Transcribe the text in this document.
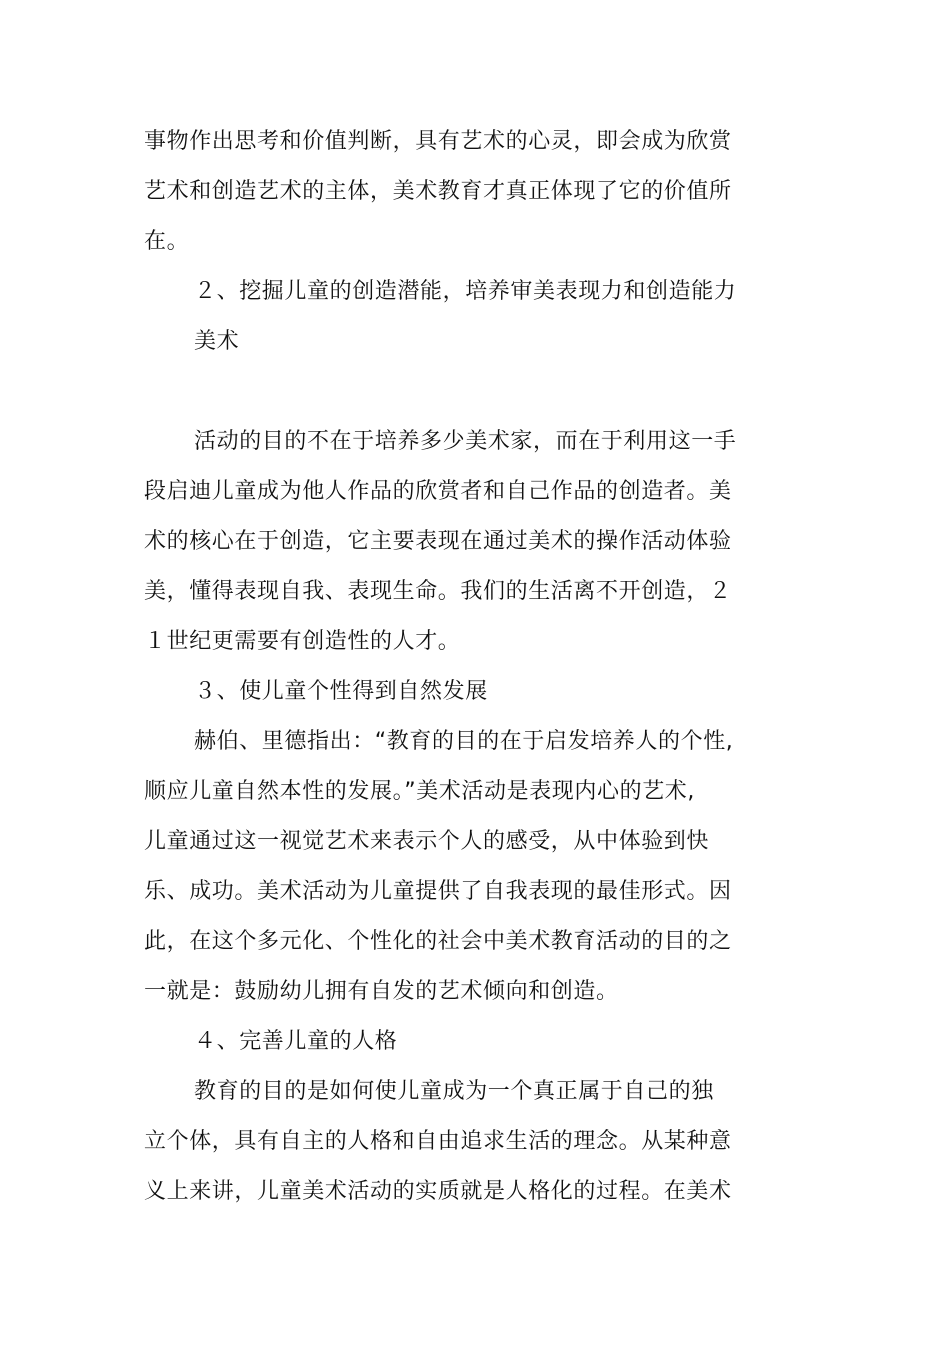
事物作出思考和价值判断，具有艺术的心灵，即会成为欣赏
艺术和创造艺术的主体，美术教育才真正体现了它的价值所
在。
２、挖掘儿童的创造潜能，培养审美表现力和创造能力
美术
活动的目的不在于培养多少美术家，而在于利用这一手
段启迪儿童成为他人作品的欣赏者和自己作品的创造者。美
术的核心在于创造，它主要表现在通过美术的操作活动体验
美，懂得表现自我、表现生命。我们的生活离不开创造，２
１世纪更需要有创造性的人才。
３、使儿童个性得到自然发展
赫伯、里德指出：“教育的目的在于启发培养人的个性,
顺应儿童自然本性的发展。”美术活动是表现内心的艺术,
儿童通过这一视觉艺术来表示个人的感受，从中体验到快
乐、成功。美术活动为儿童提供了自我表现的最佳形式。因
此，在这个多元化、个性化的社会中美术教育活动的目的之
一就是：鼓励幼儿拥有自发的艺术倾向和创造。
４、完善儿童的人格
教育的目的是如何使儿童成为一个真正属于自己的独
立个体，具有自主的人格和自由追求生活的理念。从某种意
义上来讲，儿童美术活动的实质就是人格化的过程。在美术
